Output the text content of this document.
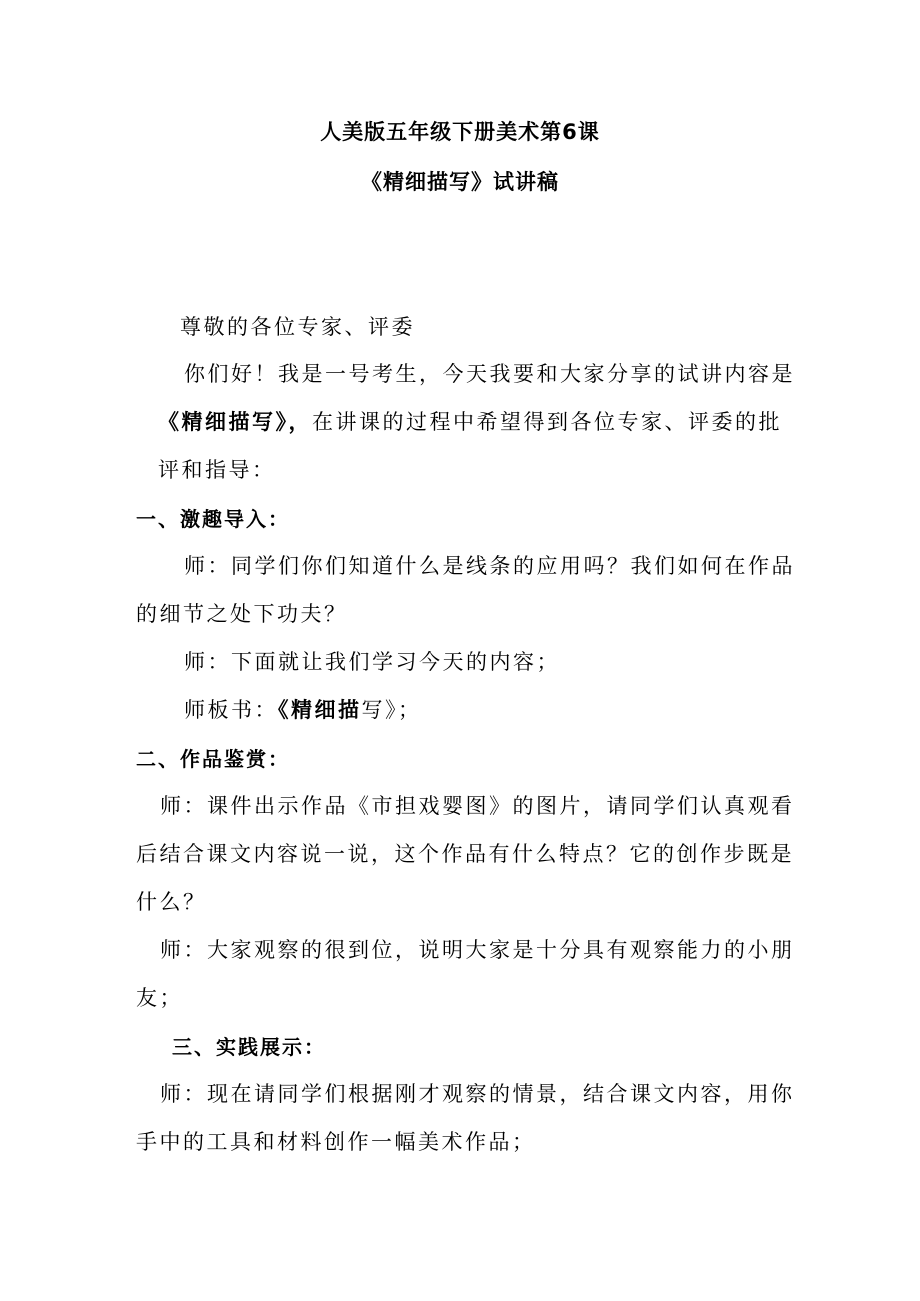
人美版五年级下册美术第6课
《精细描写》试讲稿
尊敬的各位专家、评委
你们好！我是一号考生，今天我要和大家分享的试讲内容是
《精细描写》，在讲课的过程中希望得到各位专家、评委的批
评和指导：
一、激趣导入：
师：同学们你们知道什么是线条的应用吗？我们如何在作品
的细节之处下功夫？
师：下面就让我们学习今天的内容；
师板书：《精细描写》；
二、作品鉴赏：
师：课件出示作品《市担戏婴图》的图片，请同学们认真观看
后结合课文内容说一说，这个作品有什么特点？它的创作步既是
什么？
师：大家观察的很到位，说明大家是十分具有观察能力的小朋
友；
三、实践展示：
师：现在请同学们根据刚才观察的情景，结合课文内容，用你
手中的工具和材料创作一幅美术作品；
